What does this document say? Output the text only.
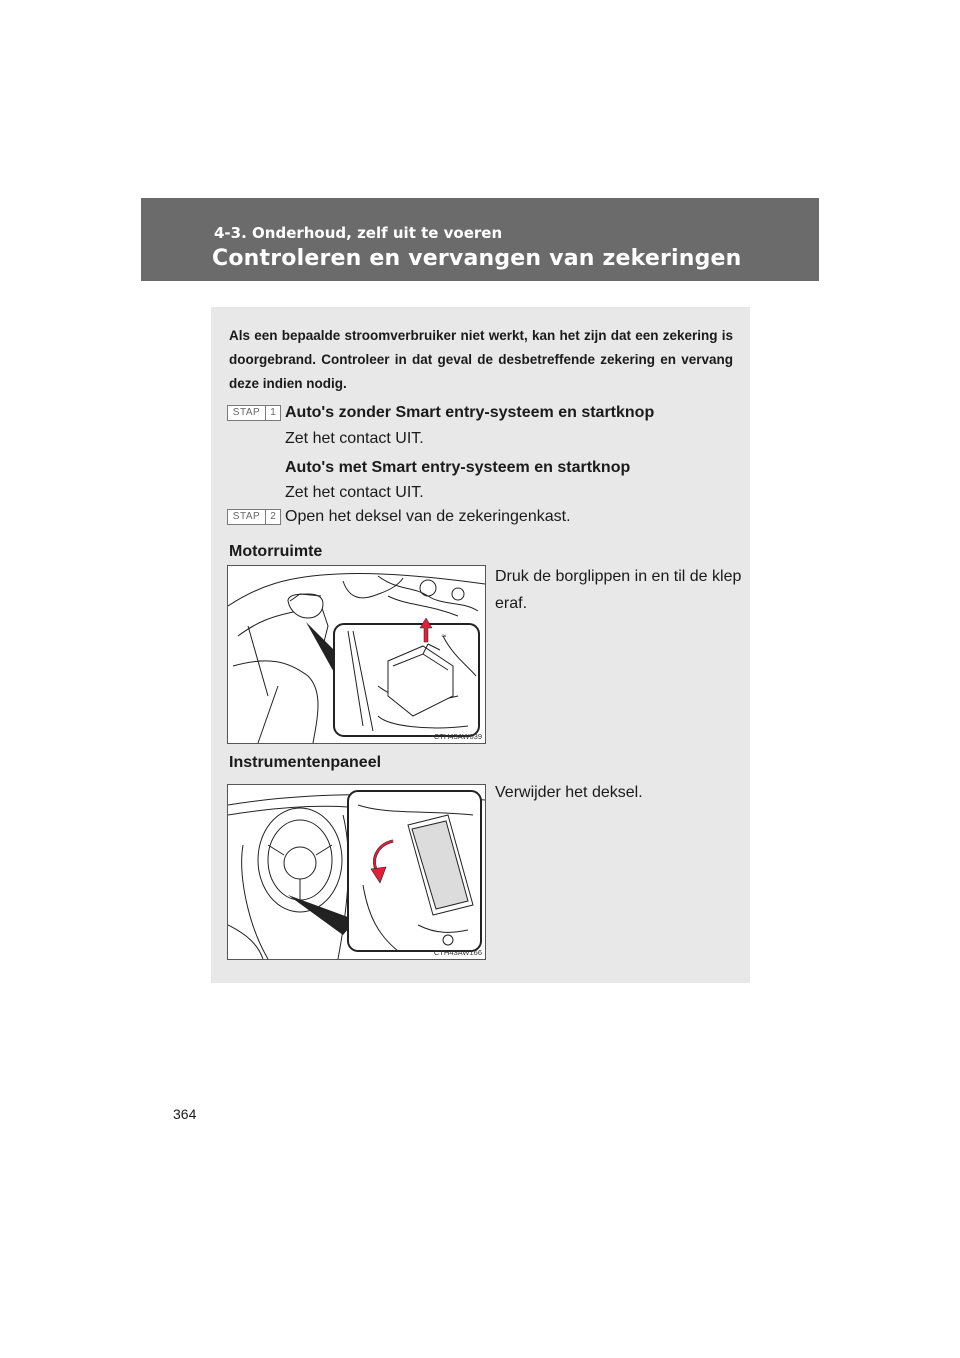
4-3. Onderhoud, zelf uit te voeren
Controleren en vervangen van zekeringen
Als een bepaalde stroomverbruiker niet werkt, kan het zijn dat een zekering is doorgebrand. Controleer in dat geval de desbetreffende zekering en vervang deze indien nodig.
STAP	1 Auto's zonder Smart entry-systeem en startknop
Zet het contact UIT.
Auto's met Smart entry-systeem en startknop
Zet het contact UIT.
STAP	2 Open het deksel van de zekeringenkast.
Motorruimte
≈
CTH43AW039
Druk de borglippen in en til de klep eraf.
Instrumentenpaneel
CTH43AW166
Verwijder het deksel.
364
